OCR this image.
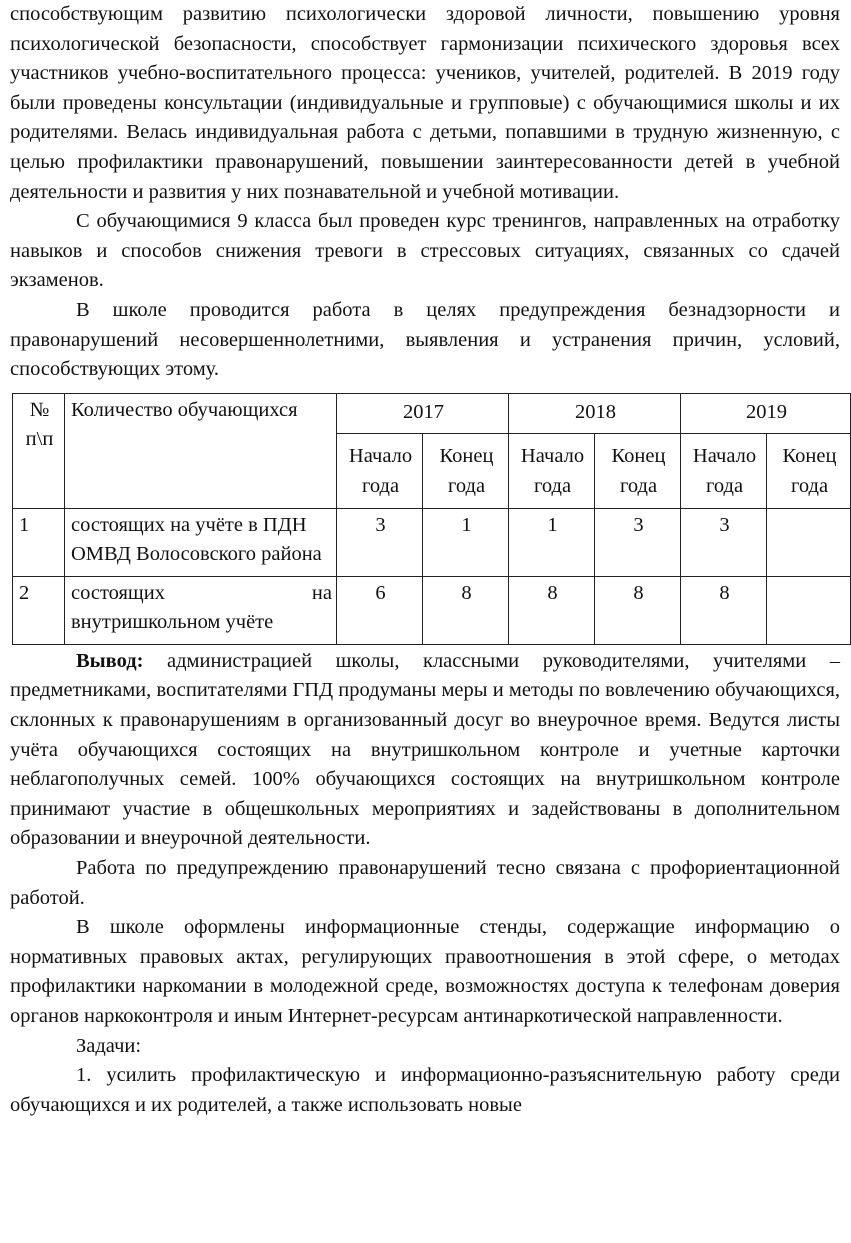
способствующим развитию психологически здоровой личности, повышению уровня психологической безопасности, способствует гармонизации психического здоровья всех участников учебно-воспитательного процесса: учеников, учителей, родителей. В 2019 году были проведены консультации (индивидуальные и групповые) с обучающимися школы и их родителями. Велась индивидуальная работа с детьми, попавшими в трудную жизненную, с целью профилактики правонарушений, повышении заинтересованности детей в учебной деятельности и развития у них познавательной и учебной мотивации.

С обучающимися 9 класса был проведен курс тренингов, направленных на отработку навыков и способов снижения тревоги в стрессовых ситуациях, связанных со сдачей экзаменов.

В школе проводится работа в целях предупреждения безнадзорности и правонарушений несовершеннолетними, выявления и устранения причин, условий, способствующих этому.

№ п\п	Количество обучающихся	2017		2018		2019	
		Начало года	Конец года	Начало года	Конец года	Начало года	Конец года
1	состоящих на учёте в ПДН ОМВД Волосовского района	3	1	1	3	3	
2	состоящих на внутришкольном учёте	6	8	8	8	8	

Вывод: администрацией школы, классными руководителями, учителями – предметниками, воспитателями ГПД продуманы меры и методы по вовлечению обучающихся, склонных к правонарушениям в организованный досуг во внеурочное время. Ведутся листы учёта обучающихся состоящих на внутришкольном контроле и учетные карточки неблагополучных семей. 100% обучающихся состоящих на внутришкольном контроле принимают участие в общешкольных мероприятиях и задействованы в дополнительном образовании и внеурочной деятельности.

Работа по предупреждению правонарушений тесно связана с профориентационной работой.

В школе оформлены информационные стенды, содержащие информацию о нормативных правовых актах, регулирующих правоотношения в этой сфере, о методах профилактики наркомании в молодежной среде, возможностях доступа к телефонам доверия органов наркоконтроля и иным Интернет-ресурсам антинаркотической направленности.

Задачи:

1. усилить профилактическую и информационно-разъяснительную работу среди обучающихся и их родителей, а также использовать новые
